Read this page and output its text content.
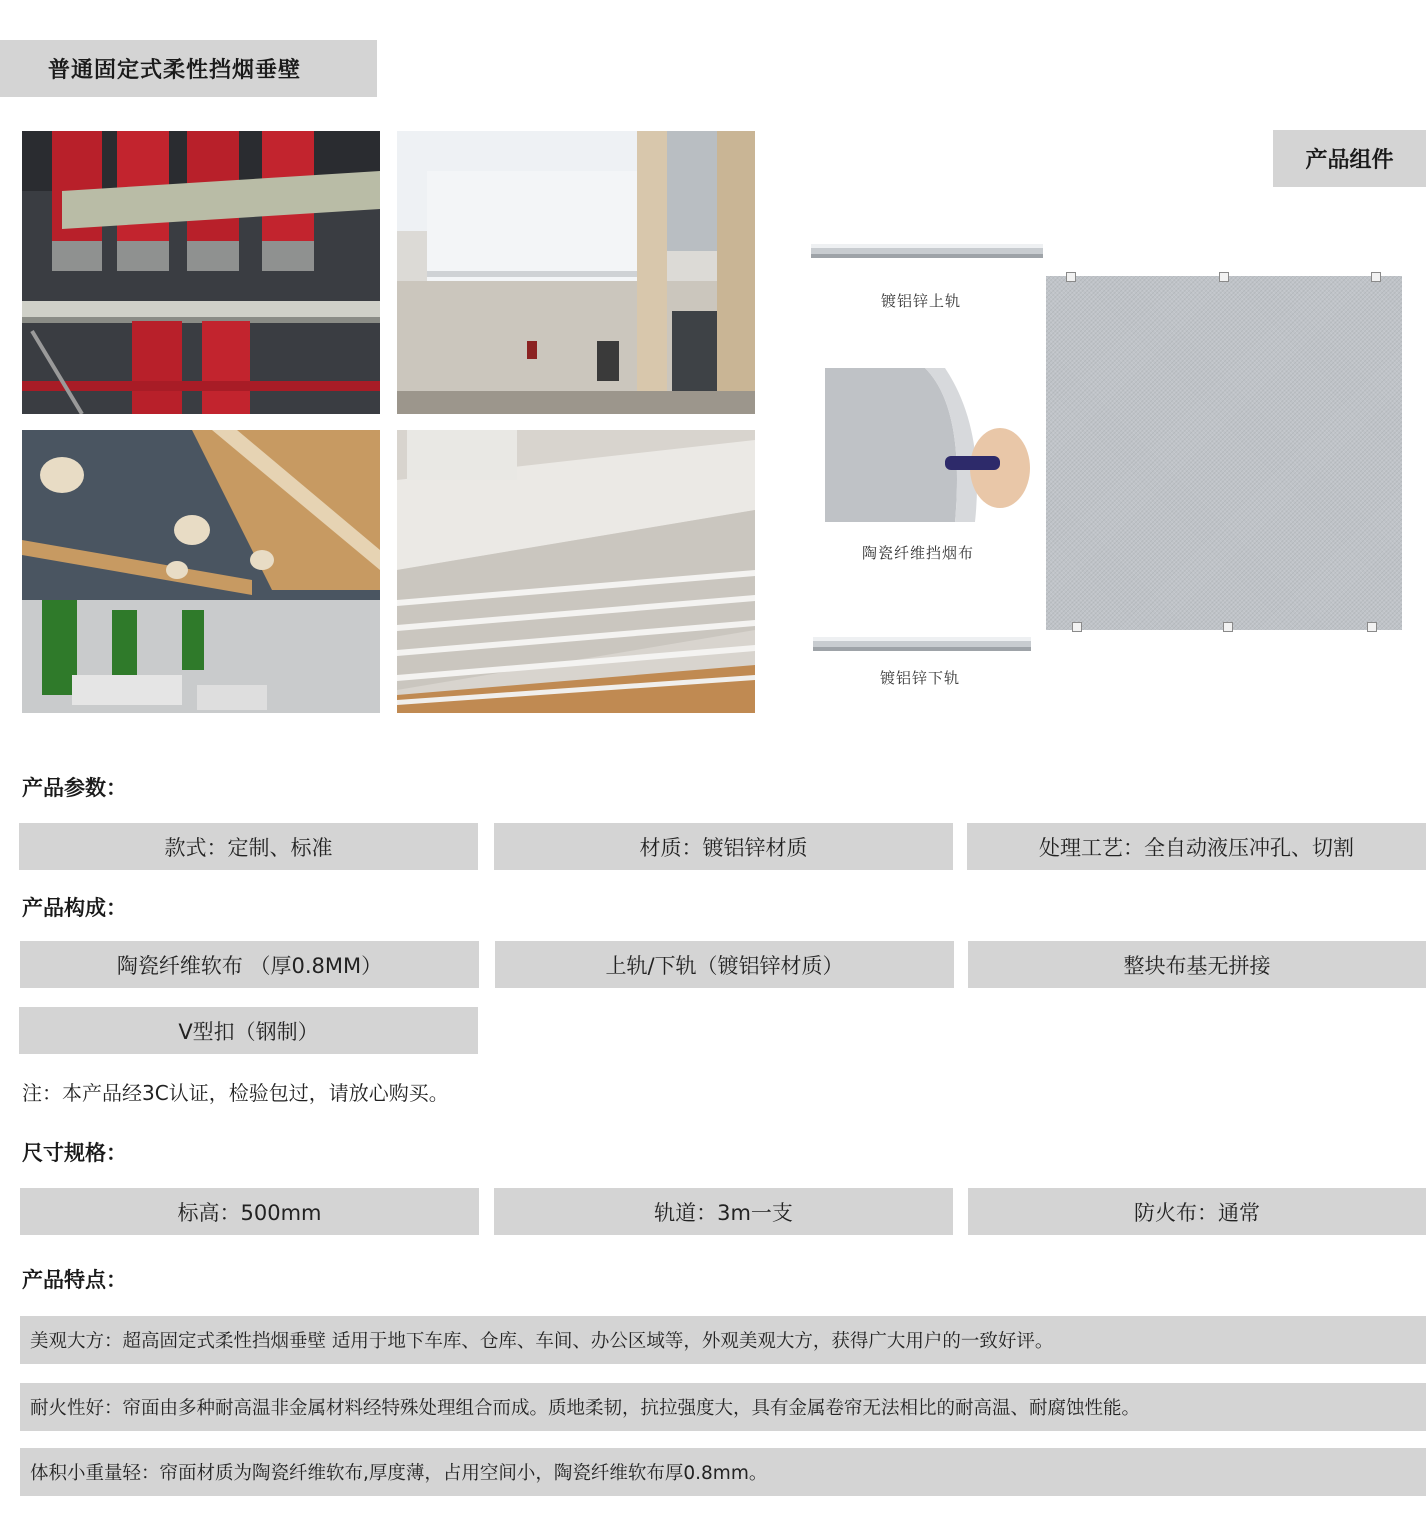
普通固定式柔性挡烟垂壁
产品组件
镀铝锌上轨
陶瓷纤维挡烟布
镀铝锌下轨
产品参数：
款式：定制、标准	材质：镀铝锌材质	处理工艺：全自动液压冲孔、切割
产品构成：
陶瓷纤维软布 （厚0.8MM）	上轨/下轨（镀铝锌材质）	整块布基无拼接
V型扣（钢制）
注：本产品经3C认证，检验包过，请放心购买。
尺寸规格：
标高：500mm	轨道：3m一支	防火布：通常
产品特点：
美观大方：超高固定式柔性挡烟垂壁 适用于地下车库、仓库、车间、办公区域等，外观美观大方，获得广大用户的一致好评。
耐火性好：帘面由多种耐高温非金属材料经特殊处理组合而成。质地柔韧，抗拉强度大，具有金属卷帘无法相比的耐高温、耐腐蚀性能。
体积小重量轻：帘面材质为陶瓷纤维软布,厚度薄，占用空间小，陶瓷纤维软布厚0.8mm。
